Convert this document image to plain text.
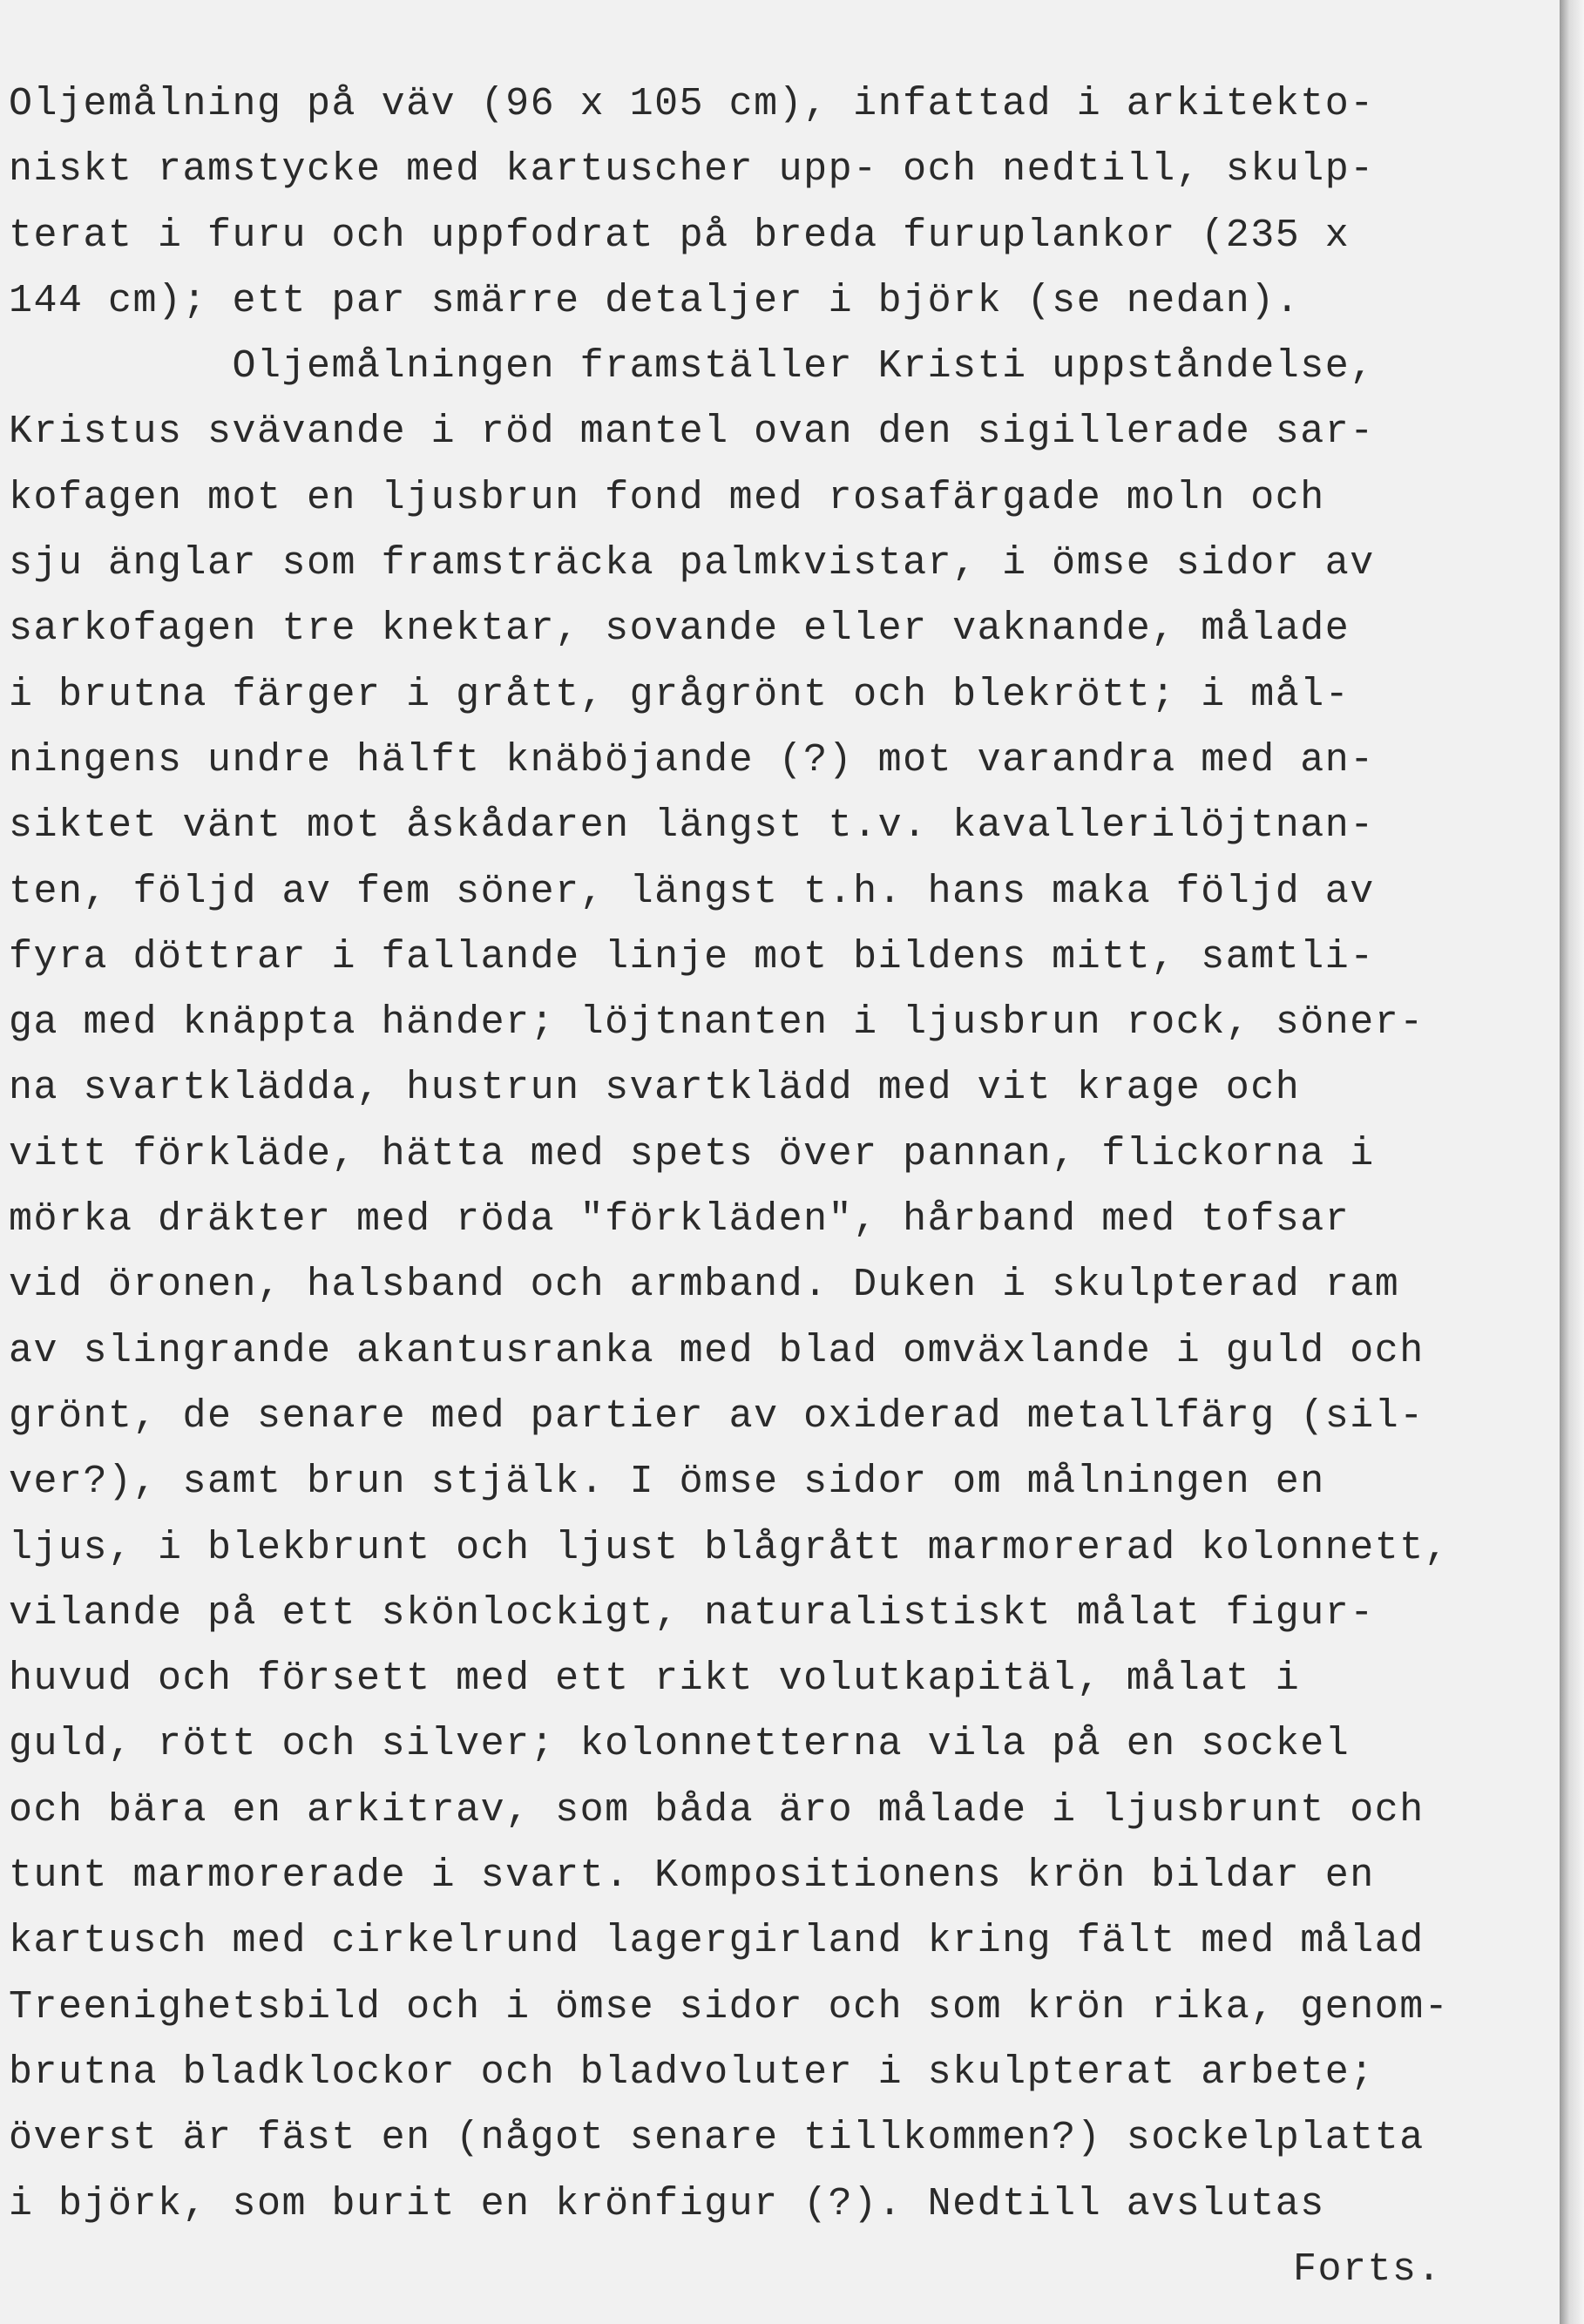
Oljemålning på väv (96 x 105 cm), infattad i arkitekto-
niskt ramstycke med kartuscher upp- och nedtill, skulp-
terat i furu och uppfodrat på breda furuplankor (235 x
144 cm); ett par smärre detaljer i björk (se nedan).
Oljemålningen framställer Kristi uppståndelse,
Kristus svävande i röd mantel ovan den sigillerade sar-
kofagen mot en ljusbrun fond med rosafärgade moln och
sju änglar som framsträcka palmkvistar, i ömse sidor av
sarkofagen tre knektar, sovande eller vaknande, målade
i brutna färger i grått, grågrönt och blekrött; i mål-
ningens undre hälft knäböjande (?) mot varandra med an-
siktet vänt mot åskådaren längst t.v. kavallerilöjtnan-
ten, följd av fem söner, längst t.h. hans maka följd av
fyra döttrar i fallande linje mot bildens mitt, samtli-
ga med knäppta händer; löjtnanten i ljusbrun rock, söner-
na svartklädda, hustrun svartklädd med vit krage och
vitt förkläde, hätta med spets över pannan, flickorna i
mörka dräkter med röda "förkläden", hårband med tofsar
vid öronen, halsband och armband. Duken i skulpterad ram
av slingrande akantusranka med blad omväxlande i guld och
grönt, de senare med partier av oxiderad metallfärg (sil-
ver?), samt brun stjälk. I ömse sidor om målningen en
ljus, i blekbrunt och ljust blågrått marmorerad kolonnett,
vilande på ett skönlockigt, naturalistiskt målat figur-
huvud och försett med ett rikt volutkapitäl, målat i
guld, rött och silver; kolonnetterna vila på en sockel
och bära en arkitrav, som båda äro målade i ljusbrunt och
tunt marmorerade i svart. Kompositionens krön bildar en
kartusch med cirkelrund lagergirland kring fält med målad
Treenighetsbild och i ömse sidor och som krön rika, genom-
brutna bladklockor och bladvoluter i skulpterat arbete;
överst är fäst en (något senare tillkommen?) sockelplatta
i björk, som burit en krönfigur (?). Nedtill avslutas
Forts.
